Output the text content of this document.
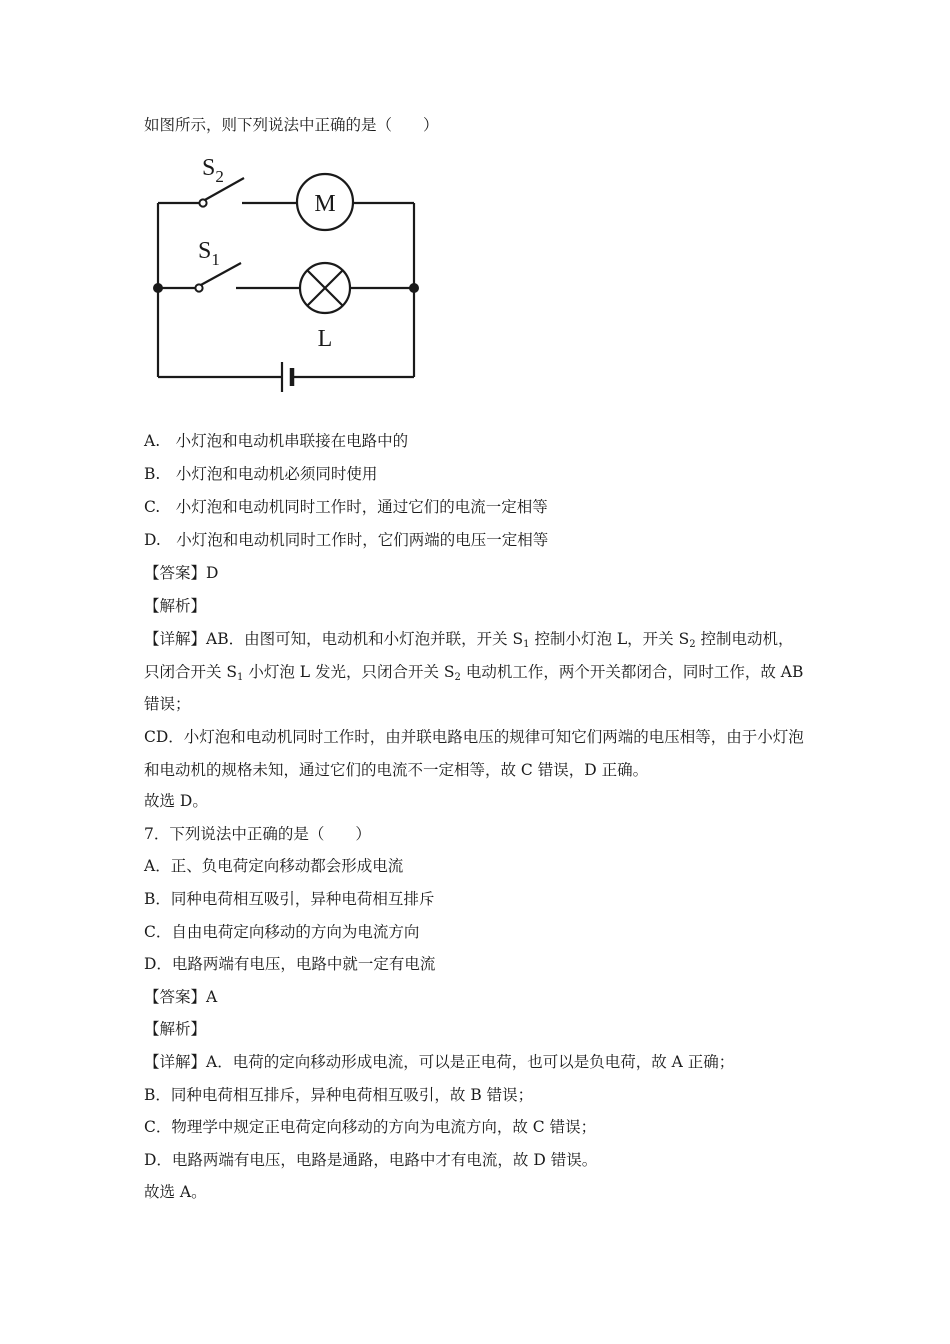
如图所示，则下列说法中正确的是（　　）
$S_2$
$S_1$
M
L
A.　小灯泡和电动机串联接在电路中的
B.　小灯泡和电动机必须同时使用
C.　小灯泡和电动机同时工作时，通过它们的电流一定相等
D.　小灯泡和电动机同时工作时，它们两端的电压一定相等
【答案】D
【解析】
【详解】AB．由图可知，电动机和小灯泡并联，开关 $S_1$ 控制小灯泡 L，开关 $S_2$ 控制电动机，只闭合开关 $S_1$ 小灯泡 L 发光，只闭合开关 $S_2$ 电动机工作，两个开关都闭合，同时工作，故 AB 错误；
CD．小灯泡和电动机同时工作时，由并联电路电压的规律可知它们两端的电压相等，由于小灯泡和电动机的规格未知，通过它们的电流不一定相等，故 C 错误，D 正确。
故选 D。
7．下列说法中正确的是（　　）
A．正、负电荷定向移动都会形成电流
B．同种电荷相互吸引，异种电荷相互排斥
C．自由电荷定向移动的方向为电流方向
D．电路两端有电压，电路中就一定有电流
【答案】A
【解析】
【详解】A．电荷的定向移动形成电流，可以是正电荷，也可以是负电荷，故 A 正确；
B．同种电荷相互排斥，异种电荷相互吸引，故 B 错误；
C．物理学中规定正电荷定向移动的方向为电流方向，故 C 错误；
D．电路两端有电压，电路是通路，电路中才有电流，故 D 错误。
故选 A。
